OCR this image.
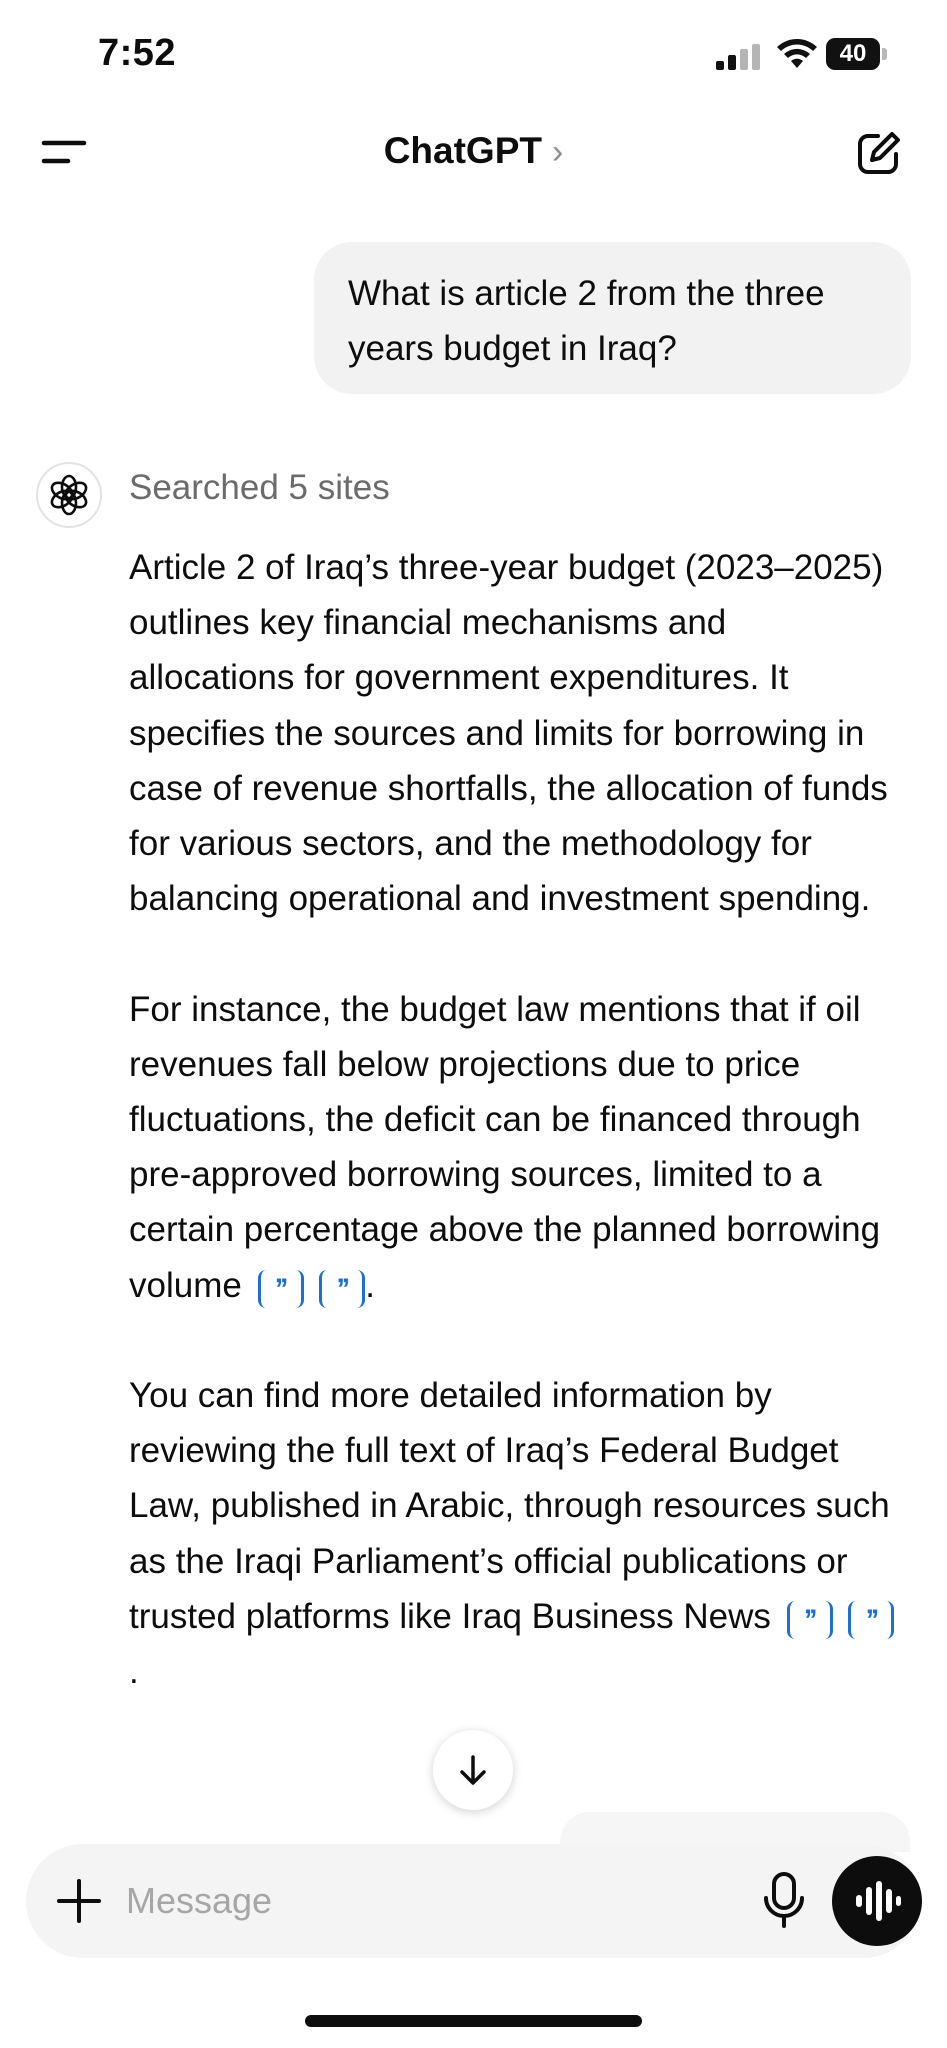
7:52	40
ChatGPT ›
What is article 2 from the three years budget in Iraq?
Searched 5 sites

Article 2 of Iraq’s three-year budget (2023–2025) outlines key financial mechanisms and allocations for government expenditures. It specifies the sources and limits for borrowing in case of revenue shortfalls, the allocation of funds for various sectors, and the methodology for balancing operational and investment spending.

For instance, the budget law mentions that if oil revenues fall below projections due to price fluctuations, the deficit can be financed through pre-approved borrowing sources, limited to a certain percentage above the planned borrowing volume ’’ ’’ .

You can find more detailed information by reviewing the full text of Iraq’s Federal Budget Law, published in Arabic, through resources such as the Iraqi Parliament’s official publications or trusted platforms like Iraq Business News ’’ ’’.

Message
